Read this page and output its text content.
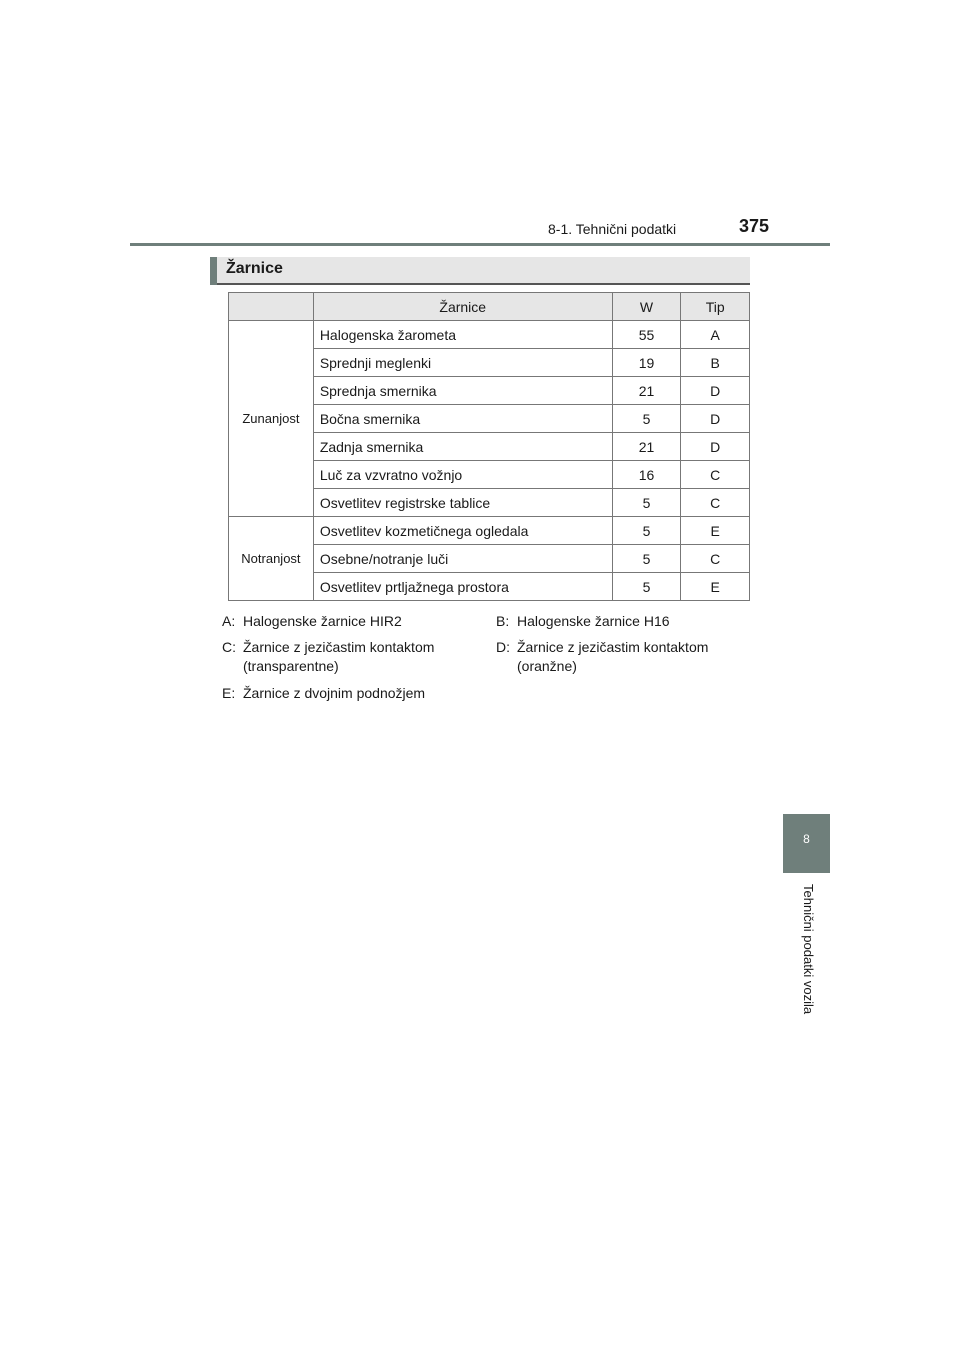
8-1. Tehnični podatki	375
Žarnice
	Žarnice	W	Tip
Zunanjost	Halogenska žarometa	55	A
	Sprednji meglenki	19	B
	Sprednja smernika	21	D
	Bočna smernika	5	D
	Zadnja smernika	21	D
	Luč za vzvratno vožnjo	16	C
	Osvetlitev registrske tablice	5	C
Notranjost	Osvetlitev kozmetičnega ogledala	5	E
	Osebne/notranje luči	5	C
	Osvetlitev prtljažnega prostora	5	E
A: Halogenske žarnice HIR2	B: Halogenske žarnice H16
C: Žarnice z jezičastim kontaktom (transparentne)
D: Žarnice z jezičastim kontaktom (oranžne)
E: Žarnice z dvojnim podnožjem
8
Tehnični podatki vozila
